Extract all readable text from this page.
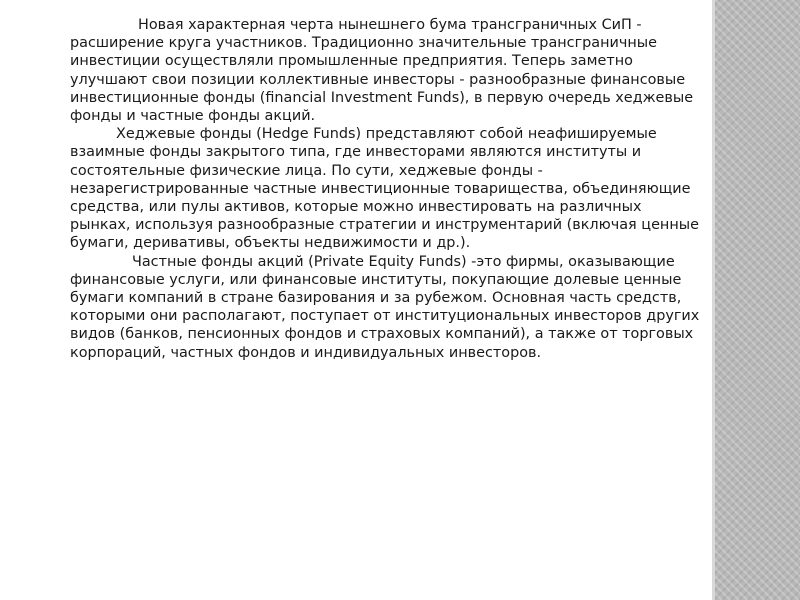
Новая характерная черта нынешнего бума трансграничных СиП - расширение круга участников. Традиционно значительные трансграничные инвестиции осуществляли промышленные предприятия. Теперь заметно улучшают свои позиции коллективные инвесторы - разнообразные финансовые инвестиционные фонды (financial Investment Funds), в первую очередь хеджевые фонды и частные фонды акций.

Хеджевые фонды (Hedge Funds) представляют собой неафишируемые взаимные фонды закрытого типа, где инвесторами являются институты и состоятельные физические лица. По сути, хеджевые фонды - незарегистрированные частные инвестиционные товарищества, объединяющие средства, или пулы активов, которые можно инвестировать на различных рынках, используя разнообразные стратегии и инструментарий (включая ценные бумаги, деривативы, объекты недвижимости и др.).

Частные фонды акций (Private Equity Funds) -это фирмы, оказывающие финансовые услуги, или финансовые институты, покупающие долевые ценные бумаги компаний в стране базирования и за рубежом. Основная часть средств, которыми они располагают, поступает от институциональных инвесторов других видов (банков, пенсионных фондов и страховых компаний), а также от торговых корпораций, частных фондов и индивидуальных инвесторов.
